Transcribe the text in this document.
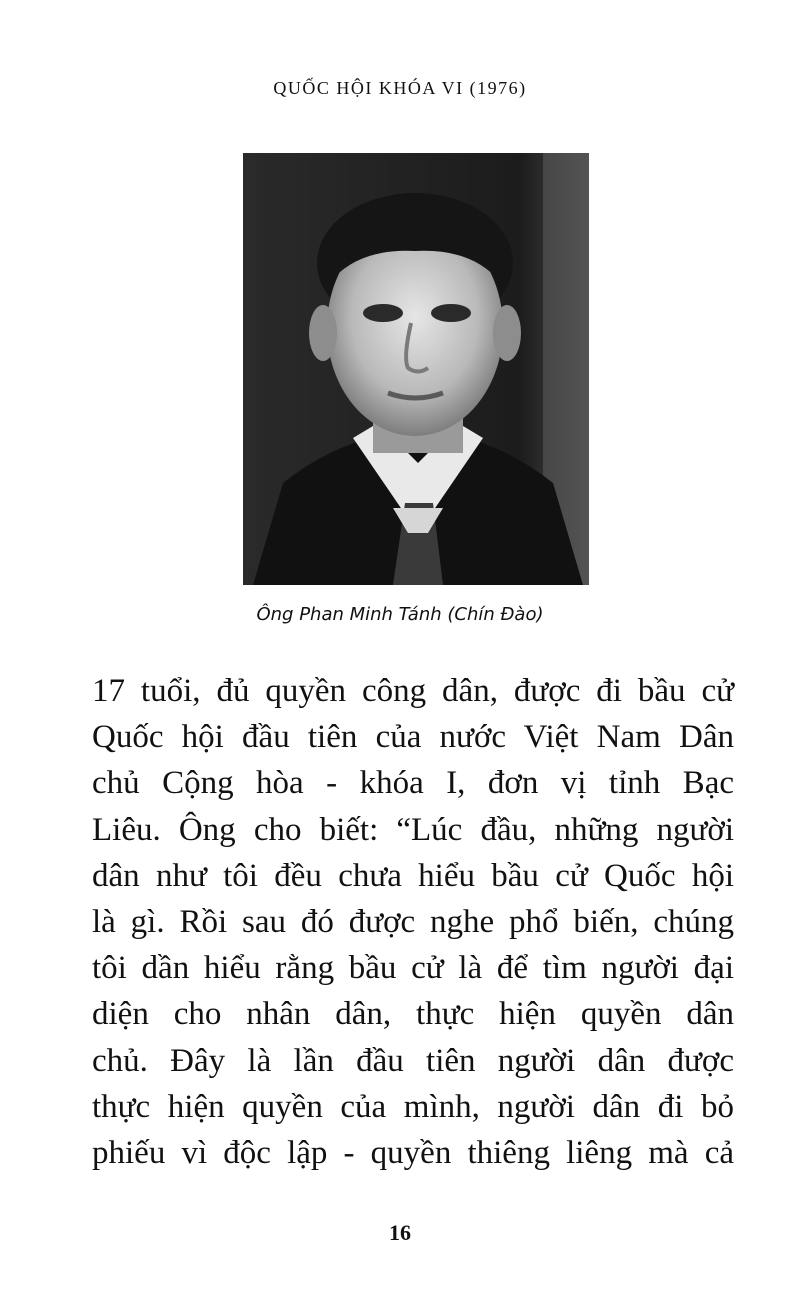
QUỐC HỘI KHÓA VI (1976)
Ông Phan Minh Tánh (Chín Đào)
17 tuổi, đủ quyền công dân, được đi bầu cử
Quốc hội đầu tiên của nước Việt Nam Dân
chủ Cộng hòa - khóa I, đơn vị tỉnh Bạc
Liêu. Ông cho biết: “Lúc đầu, những người
dân như tôi đều chưa hiểu bầu cử Quốc hội
là gì. Rồi sau đó được nghe phổ biến, chúng
tôi dần hiểu rằng bầu cử là để tìm người đại
diện cho nhân dân, thực hiện quyền dân
chủ. Đây là lần đầu tiên người dân được
thực hiện quyền của mình, người dân đi bỏ
phiếu vì độc lập - quyền thiêng liêng mà cả
16
